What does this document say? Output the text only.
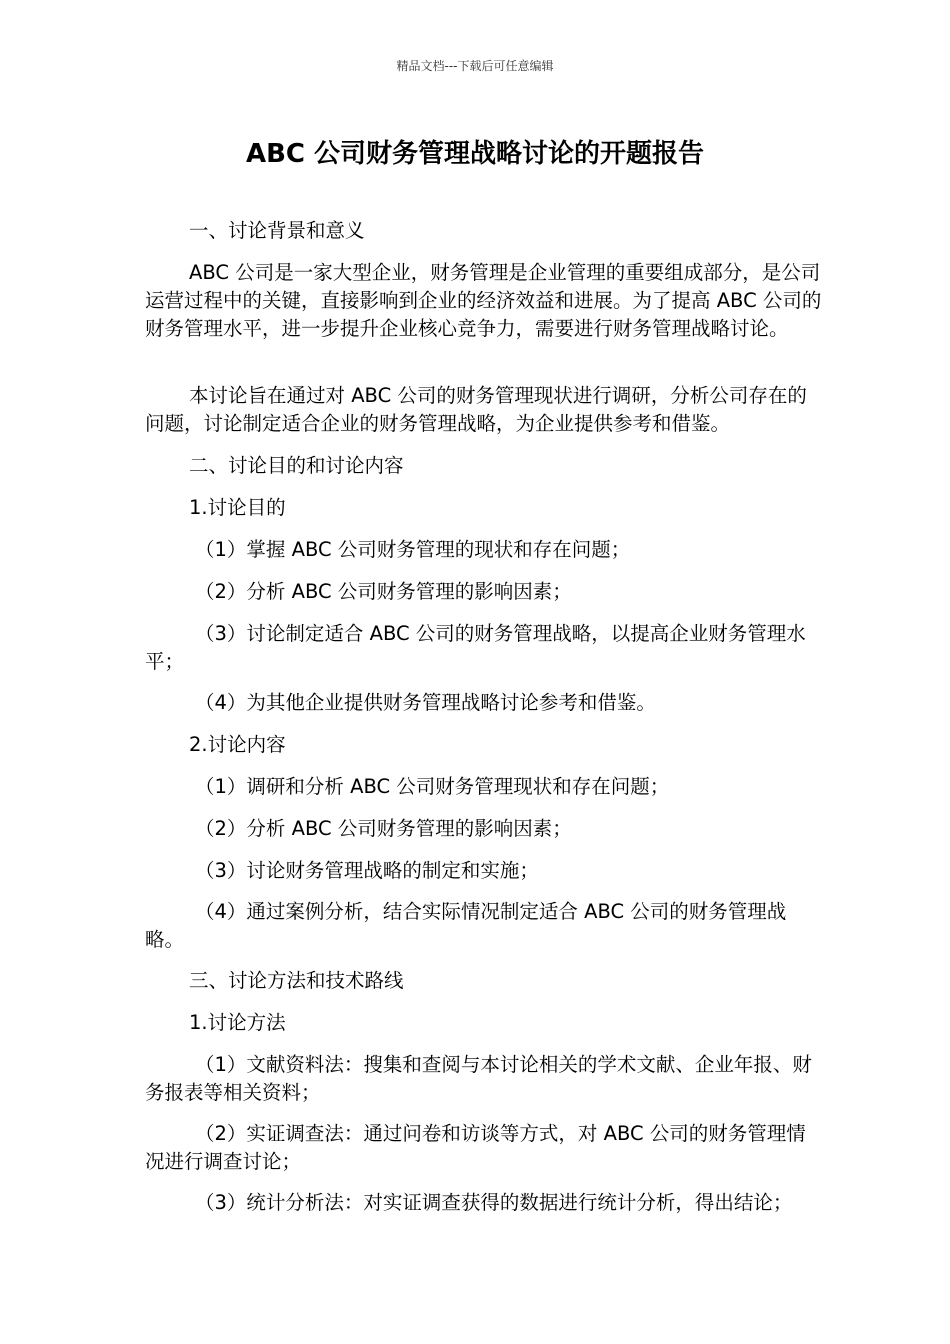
精品文档---下载后可任意编辑
ABC 公司财务管理战略讨论的开题报告

一、讨论背景和意义

ABC 公司是一家大型企业，财务管理是企业管理的重要组成部分，是公司运营过程中的关键，直接影响到企业的经济效益和进展。为了提高 ABC 公司的财务管理水平，进一步提升企业核心竞争力，需要进行财务管理战略讨论。

本讨论旨在通过对 ABC 公司的财务管理现状进行调研，分析公司存在的问题，讨论制定适合企业的财务管理战略，为企业提供参考和借鉴。

二、讨论目的和讨论内容

1.讨论目的

（1）掌握 ABC 公司财务管理的现状和存在问题；

（2）分析 ABC 公司财务管理的影响因素；

（3）讨论制定适合 ABC 公司的财务管理战略，以提高企业财务管理水平；

（4）为其他企业提供财务管理战略讨论参考和借鉴。

2.讨论内容

（1）调研和分析 ABC 公司财务管理现状和存在问题；

（2）分析 ABC 公司财务管理的影响因素；

（3）讨论财务管理战略的制定和实施；

（4）通过案例分析，结合实际情况制定适合 ABC 公司的财务管理战略。

三、讨论方法和技术路线

1.讨论方法

（1）文献资料法：搜集和查阅与本讨论相关的学术文献、企业年报、财务报表等相关资料；

（2）实证调查法：通过问卷和访谈等方式，对 ABC 公司的财务管理情况进行调查讨论；

（3）统计分析法：对实证调查获得的数据进行统计分析，得出结论；
